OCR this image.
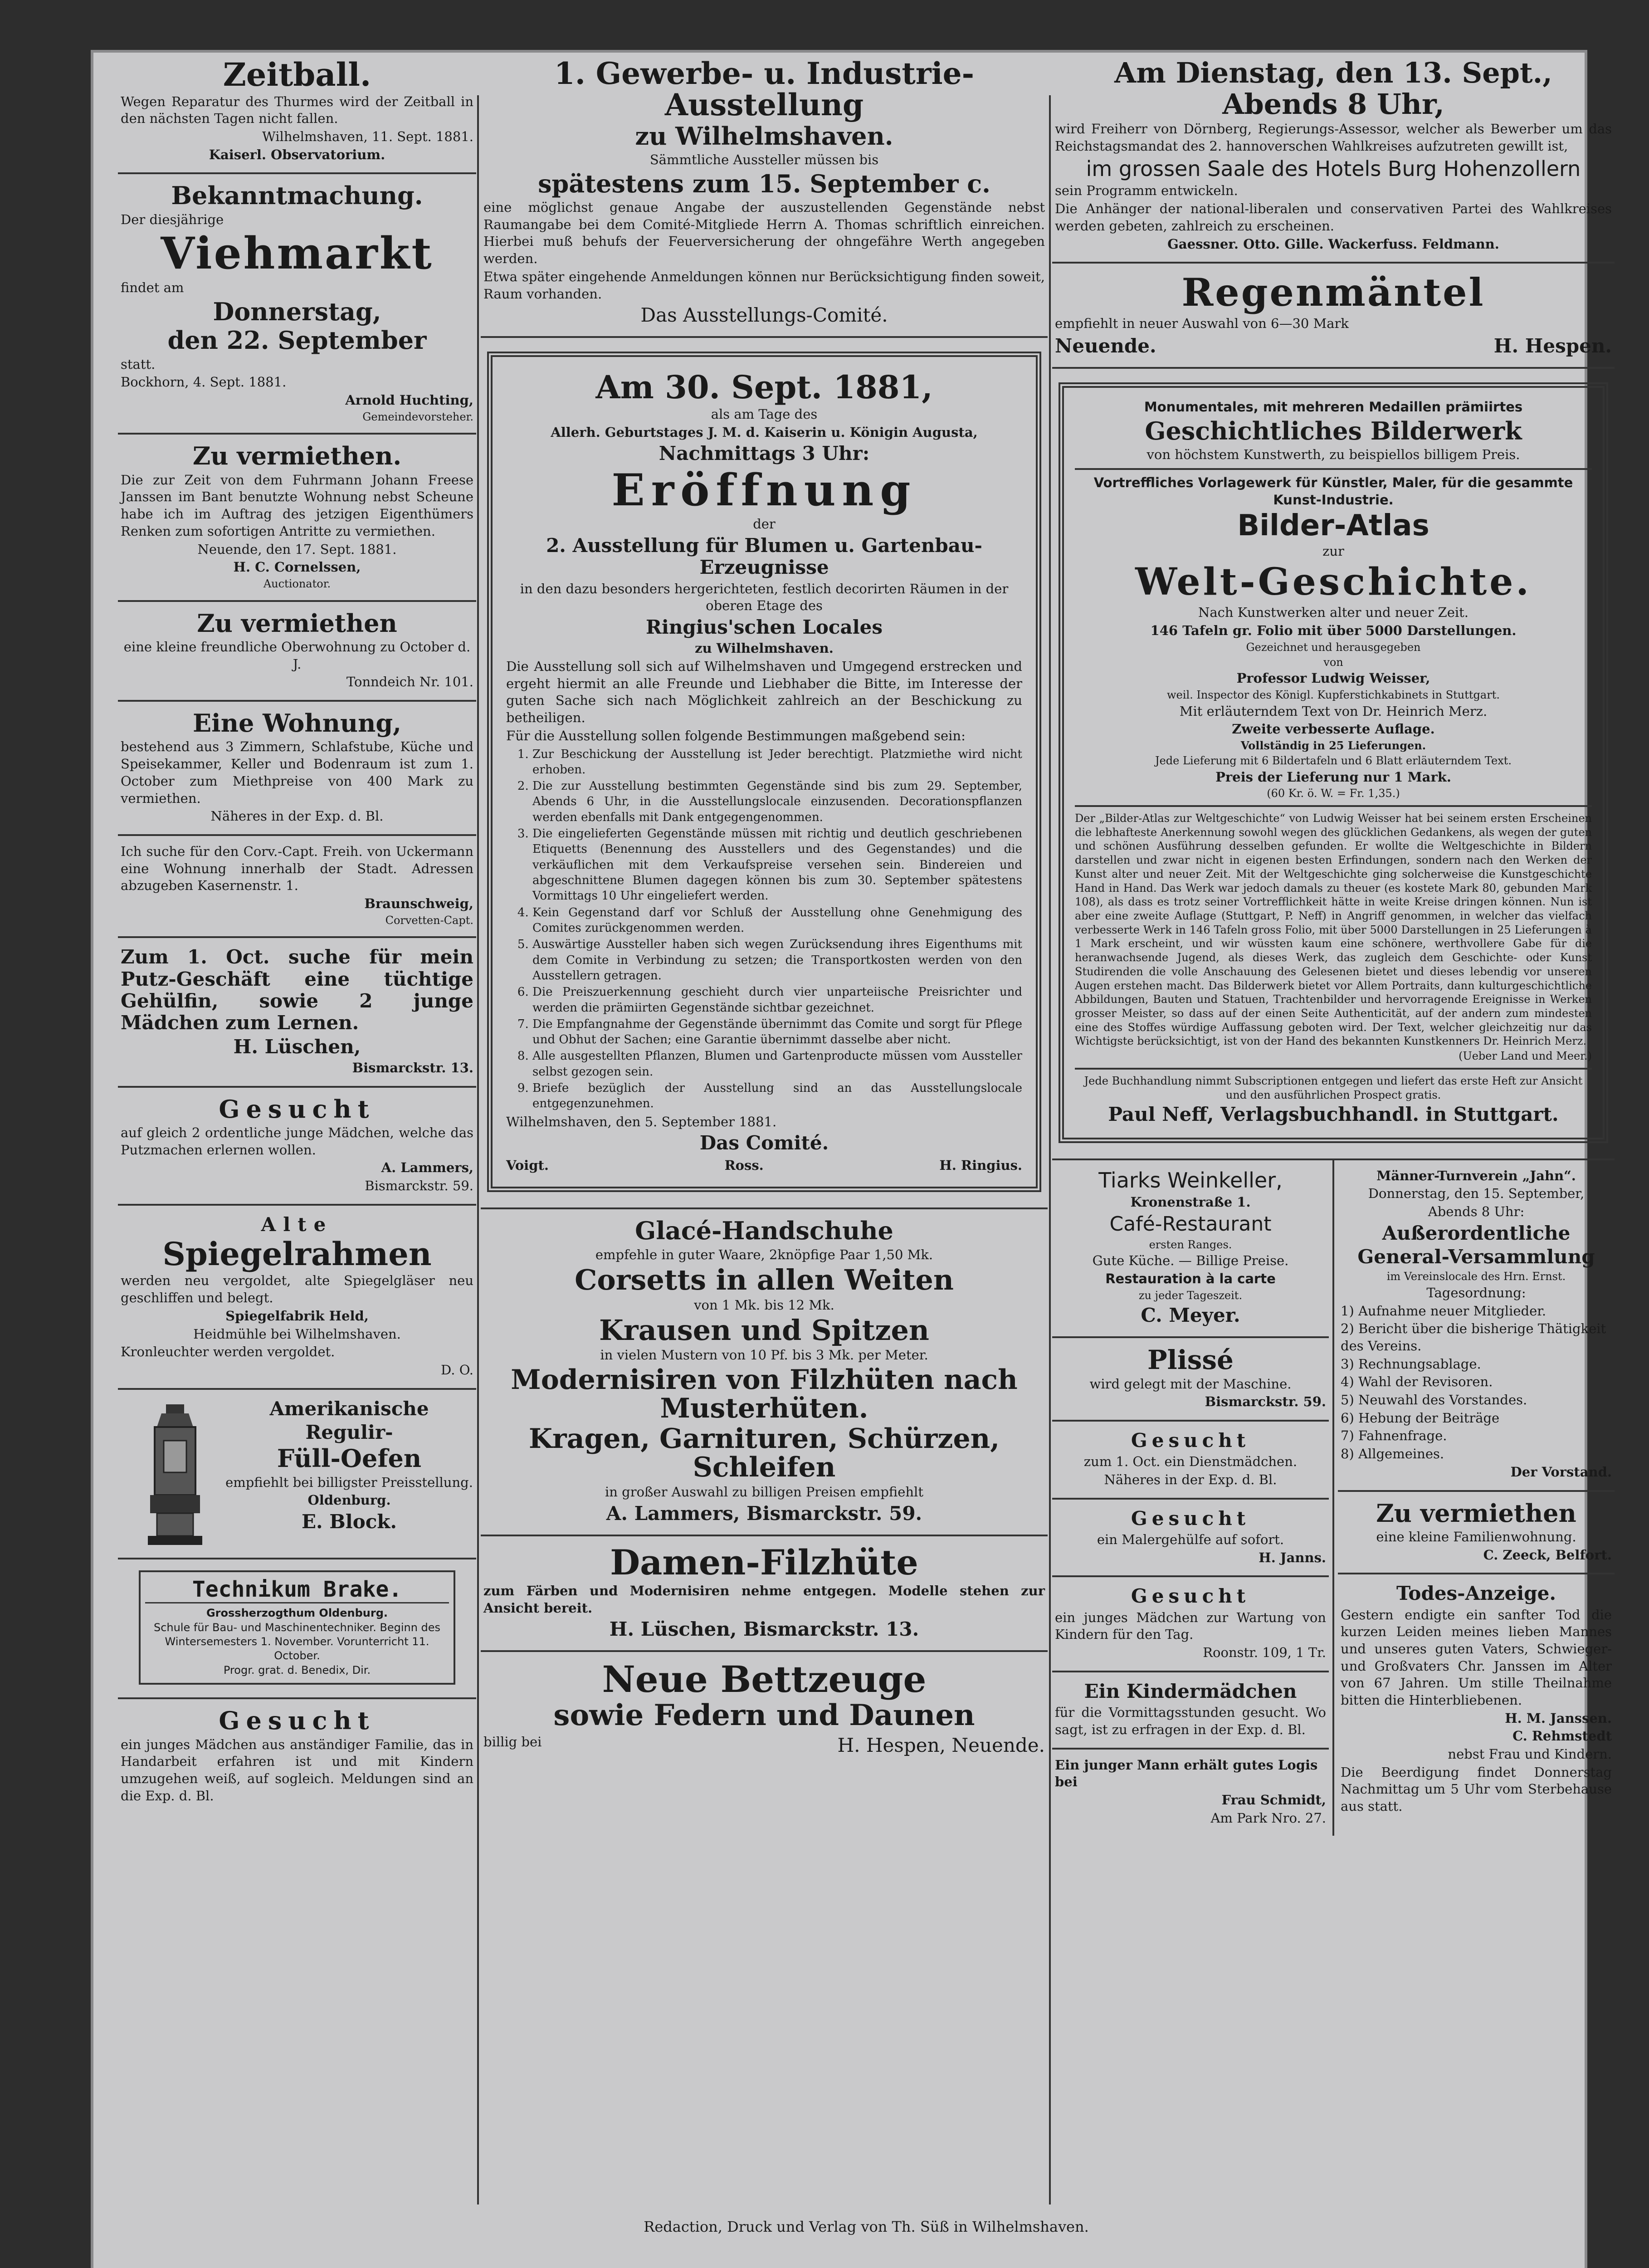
Zeitball.
Wegen Reparatur des Thurmes wird der Zeitball in den nächsten Tagen nicht fallen.
Wilhelmshaven, 11. Sept. 1881.
Kaiserl. Observatorium.
Bekanntmachung.
Der diesjährige
Viehmarkt
findet am
Donnerstag,
den 22. September
statt.
Bockhorn, 4. Sept. 1881.
Arnold Huchting,
Gemeindevorsteher.
Zu vermiethen.
Die zur Zeit von dem Fuhrmann Johann Freese Janssen im Bant benutzte Wohnung nebst Scheune habe ich im Auftrag des jetzigen Eigenthümers Renken zum sofortigen Antritte zu vermiethen.
Neuende, den 17. Sept. 1881.
H. C. Cornelssen,
Auctionator.
Zu vermiethen
eine kleine freundliche Oberwohnung zu October d. J.
Tonndeich Nr. 101.
Eine Wohnung,
bestehend aus 3 Zimmern, Schlafstube, Küche und Speisekammer, Keller und Bodenraum ist zum 1. October zum Miethpreise von 400 Mark zu vermiethen.
Näheres in der Exp. d. Bl.
Ich suche für den Corv.-Capt. Freih. von Uckermann eine Wohnung innerhalb der Stadt. Adressen abzugeben Kasernenstr. 1.
Braunschweig,
Corvetten-Capt.
Zum 1. Oct. suche für mein Putz-Geschäft eine tüchtige Gehülfin, sowie 2 junge Mädchen zum Lernen.
H. Lüschen,
Bismarckstr. 13.
Gesucht
auf gleich 2 ordentliche junge Mädchen, welche das Putzmachen erlernen wollen.
A. Lammers,
Bismarckstr. 59.
Alte
Spiegelrahmen
werden neu vergoldet, alte Spiegelgläser neu geschliffen und belegt.
Spiegelfabrik Held,
Heidmühle bei Wilhelmshaven.
Kronleuchter werden vergoldet.
D. O.
Amerikanische
Regulir-
Füll-Oefen
empfiehlt bei billigster Preisstellung.
Oldenburg.
E. Block.
Technikum Brake.
Grossherzogthum Oldenburg.
Schule für Bau- und Maschinentechniker. Beginn des Wintersemesters 1. November. Vorunterricht 11. October.
Progr. grat. d. Benedix, Dir.
Gesucht
ein junges Mädchen aus anständiger Familie, das in Handarbeit erfahren ist und mit Kindern umzugehen weiß, auf sogleich. Meldungen sind an die Exp. d. Bl.
1. Gewerbe- u. Industrie-Ausstellung
zu Wilhelmshaven.
Sämmtliche Aussteller müssen bis
spätestens zum 15. September c.
eine möglichst genaue Angabe der auszustellenden Gegenstände nebst Raumangabe bei dem Comité-Mitgliede Herrn A. Thomas schriftlich einreichen. Hierbei muß behufs der Feuerversicherung der ohngefähre Werth angegeben werden.
Etwa später eingehende Anmeldungen können nur Berücksichtigung finden soweit, Raum vorhanden.
Das Ausstellungs-Comité.
Am 30. Sept. 1881,
als am Tage des
Allerh. Geburtstages J. M. d. Kaiserin u. Königin Augusta,
Nachmittags 3 Uhr:
Eröffnung
der
2. Ausstellung für Blumen u. Gartenbau-Erzeugnisse
in den dazu besonders hergerichteten, festlich decorirten Räumen in der oberen Etage des
Ringius'schen Locales
zu Wilhelmshaven.
Die Ausstellung soll sich auf Wilhelmshaven und Umgegend erstrecken und ergeht hiermit an alle Freunde und Liebhaber die Bitte, im Interesse der guten Sache sich nach Möglichkeit zahlreich an der Beschickung zu betheiligen.
Für die Ausstellung sollen folgende Bestimmungen maßgebend sein:
1. Zur Beschickung der Ausstellung ist Jeder berechtigt. Platzmiethe wird nicht erhoben.
2. Die zur Ausstellung bestimmten Gegenstände sind bis zum 29. September, Abends 6 Uhr, in die Ausstellungslocale einzusenden. Decorationspflanzen werden ebenfalls mit Dank entgegengenommen.
3. Die eingelieferten Gegenstände müssen mit richtig und deutlich geschriebenen Etiquetts (Benennung des Ausstellers und des Gegenstandes) und die verkäuflichen mit dem Verkaufspreise versehen sein. Bindereien und abgeschnittene Blumen dagegen können bis zum 30. September spätestens Vormittags 10 Uhr eingeliefert werden.
4. Kein Gegenstand darf vor Schluß der Ausstellung ohne Genehmigung des Comites zurückgenommen werden.
5. Auswärtige Aussteller haben sich wegen Zurücksendung ihres Eigenthums mit dem Comite in Verbindung zu setzen; die Transportkosten werden von den Ausstellern getragen.
6. Die Preiszuerkennung geschieht durch vier unparteiische Preisrichter und werden die prämiirten Gegenstände sichtbar gezeichnet.
7. Die Empfangnahme der Gegenstände übernimmt das Comite und sorgt für Pflege und Obhut der Sachen; eine Garantie übernimmt dasselbe aber nicht.
8. Alle ausgestellten Pflanzen, Blumen und Gartenproducte müssen vom Aussteller selbst gezogen sein.
9. Briefe bezüglich der Ausstellung sind an das Ausstellungslocale entgegenzunehmen.
Wilhelmshaven, den 5. September 1881.
Das Comité.
Voigt.	Ross.	H. Ringius.
Glacé-Handschuhe
empfehle in guter Waare, 2knöpfige Paar 1,50 Mk.
Corsetts in allen Weiten
von 1 Mk. bis 12 Mk.
Krausen und Spitzen
in vielen Mustern von 10 Pf. bis 3 Mk. per Meter.
Modernisiren von Filzhüten nach Musterhüten.
Kragen, Garnituren, Schürzen, Schleifen
in großer Auswahl zu billigen Preisen empfiehlt
A. Lammers, Bismarckstr. 59.
Damen-Filzhüte
zum Färben und Modernisiren nehme entgegen. Modelle stehen zur Ansicht bereit.
H. Lüschen, Bismarckstr. 13.
Neue Bettzeuge
sowie Federn und Daunen
billig bei	H. Hespen, Neuende.
Am Dienstag, den 13. Sept.,
Abends 8 Uhr,
wird Freiherr von Dörnberg, Regierungs-Assessor, welcher als Bewerber um das Reichstagsmandat des 2. hannoverschen Wahlkreises aufzutreten gewillt ist,
im grossen Saale des Hotels Burg Hohenzollern
sein Programm entwickeln.
Die Anhänger der national-liberalen und conservativen Partei des Wahlkreises werden gebeten, zahlreich zu erscheinen.
Gaessner. Otto. Gille. Wackerfuss. Feldmann.
Regenmäntel
empfiehlt in neuer Auswahl von 6—30 Mark
Neuende.	H. Hespen.
Monumentales, mit mehreren Medaillen prämiirtes
Geschichtliches Bilderwerk
von höchstem Kunstwerth, zu beispiellos billigem Preis.
Vortreffliches Vorlagewerk für Künstler, Maler, für die gesammte Kunst-Industrie.
Bilder-Atlas
zur
Welt-Geschichte.
Nach Kunstwerken alter und neuer Zeit.
146 Tafeln gr. Folio mit über 5000 Darstellungen.
Gezeichnet und herausgegeben
von
Professor Ludwig Weisser,
weil. Inspector des Königl. Kupferstichkabinets in Stuttgart.
Mit erläuterndem Text von Dr. Heinrich Merz.
Zweite verbesserte Auflage.
Vollständig in 25 Lieferungen.
Jede Lieferung mit 6 Bildertafeln und 6 Blatt erläuterndem Text.
Preis der Lieferung nur 1 Mark.
(60 Kr. ö. W. = Fr. 1,35.)
Der „Bilder-Atlas zur Weltgeschichte“ von Ludwig Weisser hat bei seinem ersten Erscheinen die lebhafteste Anerkennung sowohl wegen des glücklichen Gedankens, als wegen der guten und schönen Ausführung desselben gefunden. Er wollte die Weltgeschichte in Bildern darstellen und zwar nicht in eigenen besten Erfindungen, sondern nach den Werken der Kunst alter und neuer Zeit. Mit der Weltgeschichte ging solcherweise die Kunstgeschichte Hand in Hand. Das Werk war jedoch damals zu theuer (es kostete Mark 80, gebunden Mark 108), als dass es trotz seiner Vortrefflichkeit hätte in weite Kreise dringen können. Nun ist aber eine zweite Auflage (Stuttgart, P. Neff) in Angriff genommen, in welcher das vielfach verbesserte Werk in 146 Tafeln gross Folio, mit über 5000 Darstellungen in 25 Lieferungen à 1 Mark erscheint, und wir wüssten kaum eine schönere, werthvollere Gabe für die heranwachsende Jugend, als dieses Werk, das zugleich dem Geschichte- oder Kunst Studirenden die volle Anschauung des Gelesenen bietet und dieses lebendig vor unseren Augen erstehen macht. Das Bilderwerk bietet vor Allem Portraits, dann kulturgeschichtliche Abbildungen, Bauten und Statuen, Trachtenbilder und hervorragende Ereignisse in Werken grosser Meister, so dass auf der einen Seite Authenticität, auf der andern zum mindesten eine des Stoffes würdige Auffassung geboten wird. Der Text, welcher gleichzeitig nur das Wichtigste berücksichtigt, ist von der Hand des bekannten Kunstkenners Dr. Heinrich Merz.
(Ueber Land und Meer.)
Jede Buchhandlung nimmt Subscriptionen entgegen und liefert das erste Heft zur Ansicht und den ausführlichen Prospect gratis.
Paul Neff, Verlagsbuchhandl. in Stuttgart.
Tiarks Weinkeller,
Kronenstraße 1.
Café-Restaurant
ersten Ranges.
Gute Küche. — Billige Preise.
Restauration à la carte
zu jeder Tageszeit.
C. Meyer.
Plissé
wird gelegt mit der Maschine.
Bismarckstr. 59.
Gesucht
zum 1. Oct. ein Dienstmädchen.
Näheres in der Exp. d. Bl.
Gesucht
ein Malergehülfe auf sofort.
H. Janns.
Gesucht
ein junges Mädchen zur Wartung von Kindern für den Tag.
Roonstr. 109, 1 Tr.
Ein Kindermädchen
für die Vormittagsstunden gesucht. Wo sagt, ist zu erfragen in der Exp. d. Bl.
Ein junger Mann erhält gutes Logis bei
Frau Schmidt,
Am Park Nro. 27.
Männer-Turnverein „Jahn“.
Donnerstag, den 15. September,
Abends 8 Uhr:
Außerordentliche
General-Versammlung
im Vereinslocale des Hrn. Ernst.
Tagesordnung:
1) Aufnahme neuer Mitglieder.
2) Bericht über die bisherige Thätigkeit des Vereins.
3) Rechnungsablage.
4) Wahl der Revisoren.
5) Neuwahl des Vorstandes.
6) Hebung der Beiträge
7) Fahnenfrage.
8) Allgemeines.
Der Vorstand.
Zu vermiethen
eine kleine Familienwohnung.
C. Zeeck, Belfort.
Todes-Anzeige.
Gestern endigte ein sanfter Tod die kurzen Leiden meines lieben Mannes und unseres guten Vaters, Schwieger- und Großvaters Chr. Janssen im Alter von 67 Jahren. Um stille Theilnahme bitten die Hinterbliebenen.
H. M. Janssen.
C. Rehmstedt
nebst Frau und Kindern.
Die Beerdigung findet Donnerstag Nachmittag um 5 Uhr vom Sterbehause aus statt.
Redaction, Druck und Verlag von Th. Süß in Wilhelmshaven.
